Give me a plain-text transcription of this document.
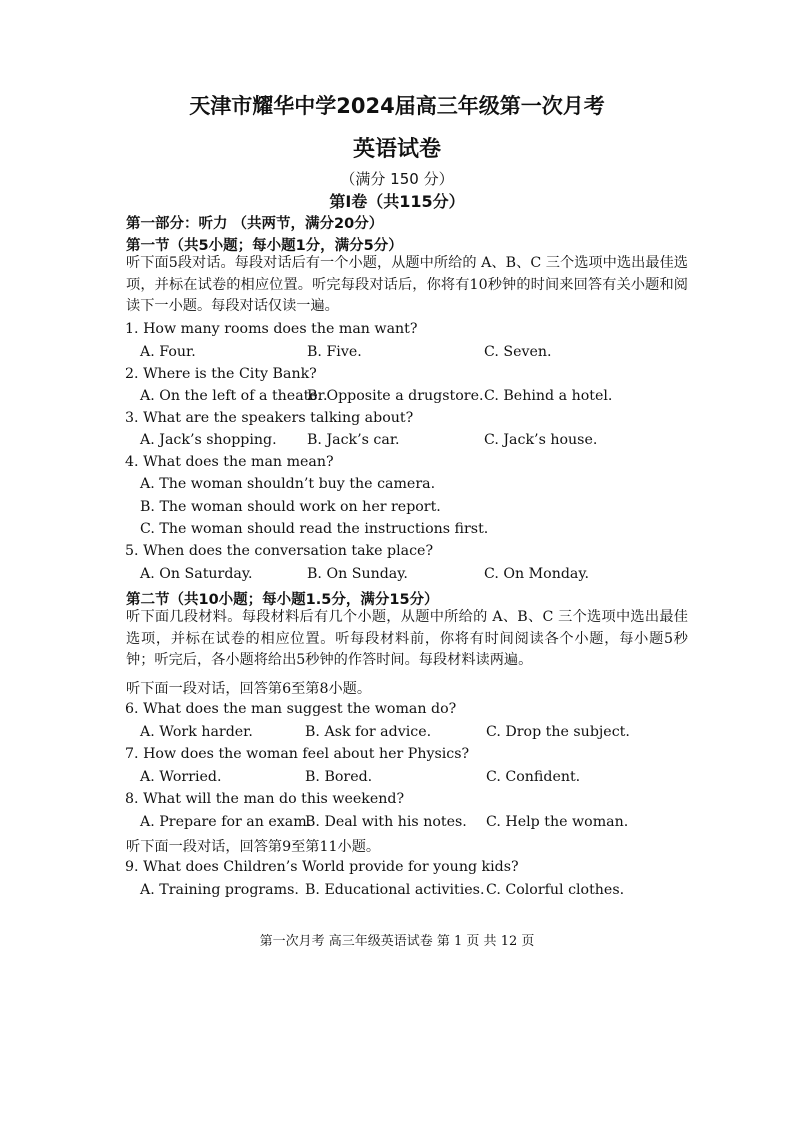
天津市耀华中学2024届高三年级第一次月考
英语试卷
（满分 150 分）
第Ⅰ卷（共115分）
第一部分：听力 （共两节，满分20分）
第一节（共5小题；每小题1分，满分5分）
听下面5段对话。每段对话后有一个小题，从题中所给的 A、B、C 三个选项中选出最佳选项，并标在试卷的相应位置。听完每段对话后，你将有10秒钟的时间来回答有关小题和阅读下一小题。每段对话仅读一遍。
1. How many rooms does the man want?
A. Four.	B. Five.	C. Seven.
2. Where is the City Bank?
A. On the left of a theater.
B. Opposite a drugstore. C. Behind a hotel.
3. What are the speakers talking about?
A. Jack’s shopping. B. Jack’s car.	C. Jack’s house.
4. What does the man mean?
A. The woman shouldn’t buy the camera.
B. The woman should work on her report.
C. The woman should read the instructions first.
5. When does the conversation take place?
A. On Saturday.	B. On Sunday.	C. On Monday.
第二节（共10小题；每小题1.5分，满分15分）
听下面几段材料。每段材料后有几个小题，从题中所给的 A、B、C 三个选项中选出最佳选项，并标在试卷的相应位置。听每段材料前，你将有时间阅读各个小题，每小题5秒钟；听完后，各小题将给出5秒钟的作答时间。每段材料读两遍。
听下面一段对话，回答第6至第8小题。
6. What does the man suggest the woman do?
A. Work harder.	B. Ask for advice.	C. Drop the subject.
7. How does the woman feel about her Physics?
A. Worried.	B. Bored.	C. Confident.
8. What will the man do this weekend?
A. Prepare for an exam.
B. Deal with his notes. C. Help the woman.
听下面一段对话，回答第9至第11小题。
9. What does Children’s World provide for young kids?
A. Training programs. B. Educational activities. C. Colorful clothes.
第一次月考 高三年级英语试卷 第 1 页 共 12 页
